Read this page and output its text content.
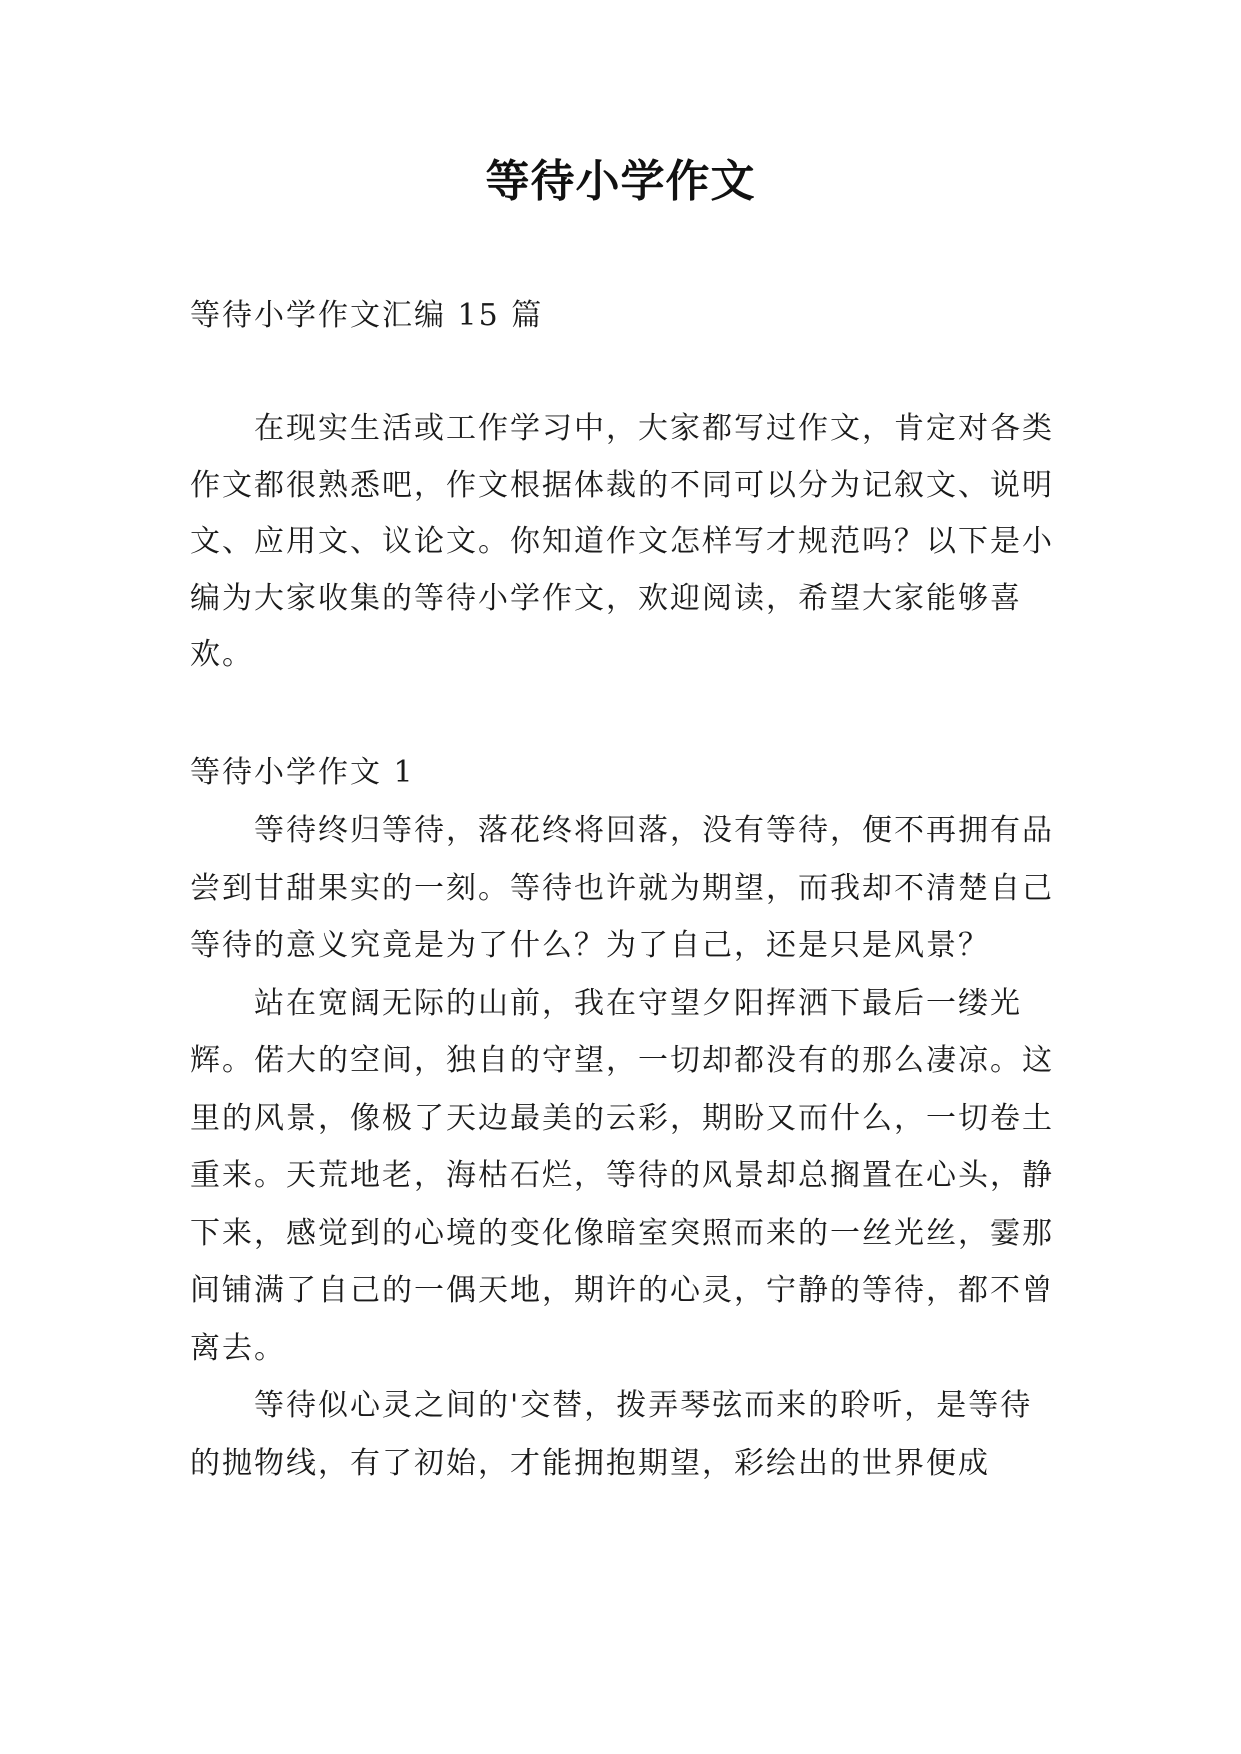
等待小学作文

等待小学作文汇编 15 篇

在现实生活或工作学习中，大家都写过作文，肯定对各类作文都很熟悉吧，作文根据体裁的不同可以分为记叙文、说明文、应用文、议论文。你知道作文怎样写才规范吗？以下是小编为大家收集的等待小学作文，欢迎阅读，希望大家能够喜欢。

等待小学作文 1

等待终归等待，落花终将回落，没有等待，便不再拥有品尝到甘甜果实的一刻。等待也许就为期望，而我却不清楚自己等待的意义究竟是为了什么？为了自己，还是只是风景？

站在宽阔无际的山前，我在守望夕阳挥洒下最后一缕光辉。偌大的空间，独自的守望，一切却都没有的那么凄凉。这里的风景，像极了天边最美的云彩，期盼又而什么，一切卷土重来。天荒地老，海枯石烂，等待的风景却总搁置在心头，静下来，感觉到的心境的变化像暗室突照而来的一丝光丝，霎那间铺满了自己的一偶天地，期许的心灵，宁静的等待，都不曾离去。

等待似心灵之间的'交替，拨弄琴弦而来的聆听，是等待的抛物线，有了初始，才能拥抱期望，彩绘出的世界便成
